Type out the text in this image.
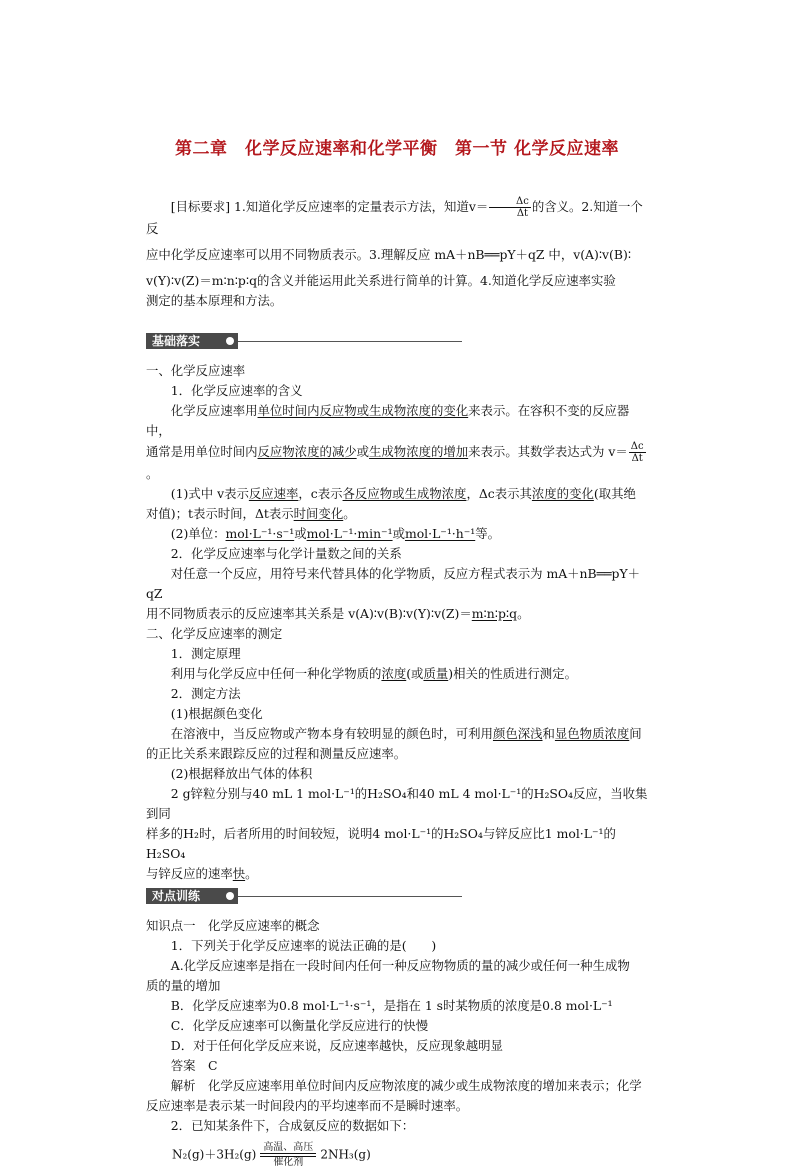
第二章　化学反应速率和化学平衡　第一节 化学反应速率

[目标要求] 1.知道化学反应速率的定量表示方法，知道$v= \frac{\Delta c}{\Delta t}$ 的含义。2.知道一个反

应中化学反应速率可以用不同物质表示。3.理解反应 mA＋nB══pY＋qZ 中，v(A)∶v(B)∶

v(Y)∶v(Z)＝m∶n∶p∶q的含义并能运用此关系进行简单的计算。4.知道化学反应速率实验

测定的基本原理和方法。

基础落实

一、化学反应速率

1．化学反应速率的含义

化学反应速率用单位时间内反应物或生成物浓度的变化来表示。在容积不变的反应器中，

通常是用单位时间内反应物浓度的减少或生成物浓度的增加来表示。其数学表达式为 $v= \frac{\Delta c}{\Delta t}$
。

(1)式中 v表示反应速率，c表示各反应物或生成物浓度，Δc表示其浓度的变化(取其绝

对值)；t表示时间，Δt表示时间变化。

(2)单位：mol·L⁻¹·s⁻¹或mol·L⁻¹·min⁻¹或mol·L⁻¹·h⁻¹等。

2．化学反应速率与化学计量数之间的关系

对任意一个反应，用符号来代替具体的化学物质，反应方程式表示为 mA＋nB══pY＋qZ

用不同物质表示的反应速率其关系是 v(A)∶v(B)∶v(Y)∶v(Z)＝m∶n∶p∶q。

二、化学反应速率的测定

1．测定原理

利用与化学反应中任何一种化学物质的浓度(或质量)相关的性质进行测定。

2．测定方法

(1)根据颜色变化

在溶液中，当反应物或产物本身有较明显的颜色时，可利用颜色深浅和显色物质浓度间

的正比关系来跟踪反应的过程和测量反应速率。

(2)根据释放出气体的体积

2 g锌粒分别与40 mL 1 mol·L⁻¹的H₂SO₄和40 mL 4 mol·L⁻¹的H₂SO₄反应，当收集到同

样多的H₂时，后者所用的时间较短，说明4 mol·L⁻¹的H₂SO₄与锌反应比1 mol·L⁻¹的H₂SO₄

与锌反应的速率快。

对点训练

知识点一　化学反应速率的概念

1．下列关于化学反应速率的说法正确的是(　　)

A.化学反应速率是指在一段时间内任何一种反应物物质的量的减少或任何一种生成物

质的量的增加

B．化学反应速率为0.8 mol·L⁻¹·s⁻¹，是指在 1 s时某物质的浓度是0.8 mol·L⁻¹

C．化学反应速率可以衡量化学反应进行的快慢

D．对于任何化学反应来说，反应速率越快，反应现象越明显

答案　C

解析　化学反应速率用单位时间内反应物浓度的减少或生成物浓度的增加来表示；化学

反应速率是表示某一时间段内的平均速率而不是瞬时速率。

2．已知某条件下，合成氨反应的数据如下：

N₂(g)＋3H₂(g) 高温、高压
催化剂
2NH₃(g)
